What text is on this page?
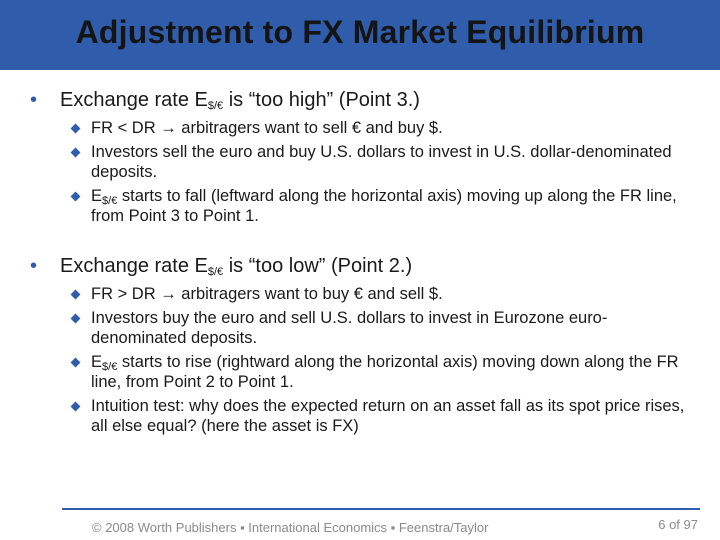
Adjustment to FX Market Equilibrium
• Exchange rate $E_{\$/€}$ is “too high” (Point 3.)
FR < DR → arbitragers want to sell € and buy $.
Investors sell the euro and buy U.S. dollars to invest in U.S. dollar-denominated deposits.
$E_{\$/€}$ starts to fall (leftward along the horizontal axis) moving up along the FR line, from Point 3 to Point 1.
• Exchange rate $E_{\$/€}$ is “too low” (Point 2.)
FR > DR → arbitragers want to buy € and sell $.
Investors buy the euro and sell U.S. dollars to invest in Eurozone euro-denominated deposits.
$E_{\$/€}$ starts to rise (rightward along the horizontal axis) moving down along the FR line, from Point 2 to Point 1.
Intuition test: why does the expected return on an asset fall as its spot price rises, all else equal? (here the asset is FX)
© 2008 Worth Publishers ▪ International Economics ▪ Feenstra/Taylor	6 of 97
